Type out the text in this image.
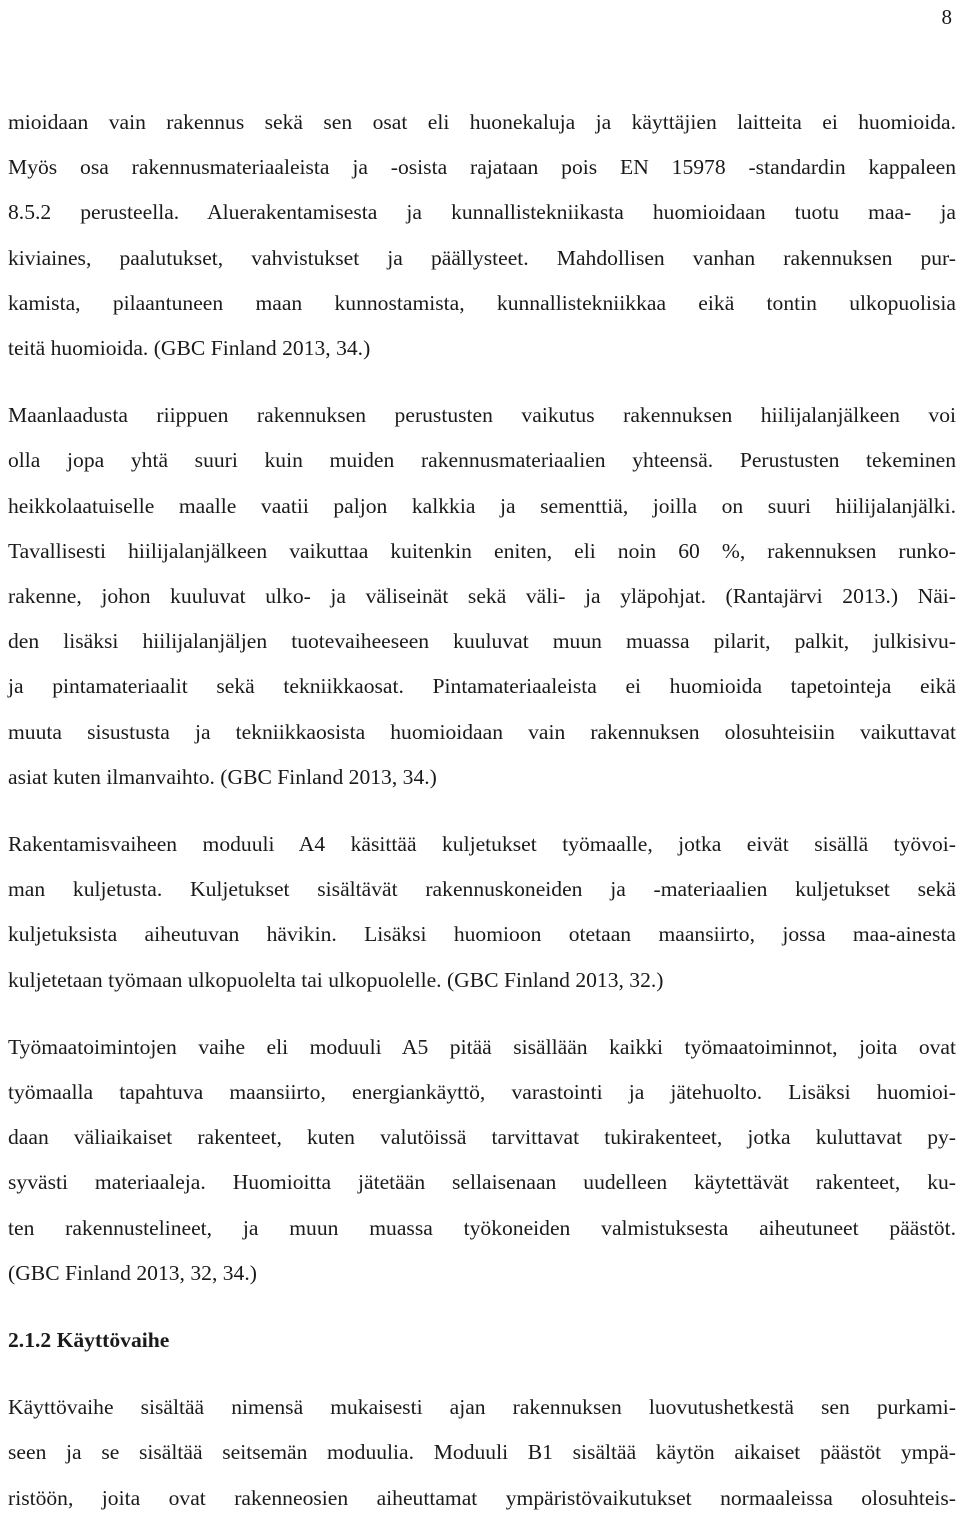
8

mioidaan vain rakennus sekä sen osat eli huonekaluja ja käyttäjien laitteita ei huomioida.
Myös osa rakennusmateriaaleista ja -osista rajataan pois EN 15978 -standardin kappaleen
8.5.2 perusteella. Aluerakentamisesta ja kunnallistekniikasta huomioidaan tuotu maa- ja
kiviaines, paalutukset, vahvistukset ja päällysteet. Mahdollisen vanhan rakennuksen pur-
kamista, pilaantuneen maan kunnostamista, kunnallistekniikkaa eikä tontin ulkopuolisia
teitä huomioida. (GBC Finland 2013, 34.)

Maanlaadusta riippuen rakennuksen perustusten vaikutus rakennuksen hiilijalanjälkeen voi
olla jopa yhtä suuri kuin muiden rakennusmateriaalien yhteensä. Perustusten tekeminen
heikkolaatuiselle maalle vaatii paljon kalkkia ja sementtiä, joilla on suuri hiilijalanjälki.
Tavallisesti hiilijalanjälkeen vaikuttaa kuitenkin eniten, eli noin 60 %, rakennuksen runko-
rakenne, johon kuuluvat ulko- ja väliseinät sekä väli- ja yläpohjat. (Rantajärvi 2013.) Näi-
den lisäksi hiilijalanjäljen tuotevaiheeseen kuuluvat muun muassa pilarit, palkit, julkisivu-
ja pintamateriaalit sekä tekniikkaosat. Pintamateriaaleista ei huomioida tapetointeja eikä
muuta sisustusta ja tekniikkaosista huomioidaan vain rakennuksen olosuhteisiin vaikuttavat
asiat kuten ilmanvaihto. (GBC Finland 2013, 34.)

Rakentamisvaiheen moduuli A4 käsittää kuljetukset työmaalle, jotka eivät sisällä työvoi-
man kuljetusta. Kuljetukset sisältävät rakennuskoneiden ja -materiaalien kuljetukset sekä
kuljetuksista aiheutuvan hävikin. Lisäksi huomioon otetaan maansiirto, jossa maa-ainesta
kuljetetaan työmaan ulkopuolelta tai ulkopuolelle. (GBC Finland 2013, 32.)

Työmaatoimintojen vaihe eli moduuli A5 pitää sisällään kaikki työmaatoiminnot, joita ovat
työmaalla tapahtuva maansiirto, energiankäyttö, varastointi ja jätehuolto. Lisäksi huomioi-
daan väliaikaiset rakenteet, kuten valutöissä tarvittavat tukirakenteet, jotka kuluttavat py-
syvästi materiaaleja. Huomioitta jätetään sellaisenaan uudelleen käytettävät rakenteet, ku-
ten rakennustelineet, ja muun muassa työkoneiden valmistuksesta aiheutuneet päästöt.
(GBC Finland 2013, 32, 34.)

2.1.2 Käyttövaihe

Käyttövaihe sisältää nimensä mukaisesti ajan rakennuksen luovutushetkestä sen purkami-
seen ja se sisältää seitsemän moduulia. Moduuli B1 sisältää käytön aikaiset päästöt ympä-
ristöön, joita ovat rakenneosien aiheuttamat ympäristövaikutukset normaaleissa olosuhteis-
